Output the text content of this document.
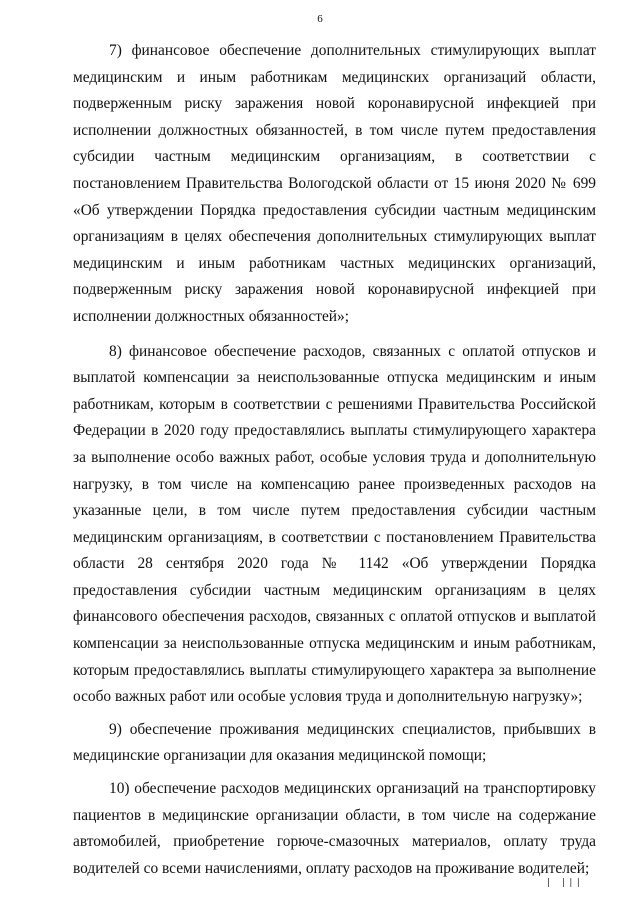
6

7) финансовое обеспечение дополнительных стимулирующих выплат медицинским и иным работникам медицинских организаций области, подверженным риску заражения новой коронавирусной инфекцией при исполнении должностных обязанностей, в том числе путем предоставления субсидии частным медицинским организациям, в соответствии с постановлением Правительства Вологодской области от 15 июня 2020 № 699 «Об утверждении Порядка предоставления субсидии частным медицинским организациям в целях обеспечения дополнительных стимулирующих выплат медицинским и иным работникам частных медицинских организаций, подверженным риску заражения новой коронавирусной инфекцией при исполнении должностных обязанностей»;

8) финансовое обеспечение расходов, связанных с оплатой отпусков и выплатой компенсации за неиспользованные отпуска медицинским и иным работникам, которым в соответствии с решениями Правительства Российской Федерации в 2020 году предоставлялись выплаты стимулирующего характера за выполнение особо важных работ, особые условия труда и дополнительную нагрузку, в том числе на компенсацию ранее произведенных расходов на указанные цели, в том числе путем предоставления субсидии частным медицинским организациям, в соответствии с постановлением Правительства области 28 сентября 2020 года № 1142 «Об утверждении Порядка предоставления субсидии частным медицинским организациям в целях финансового обеспечения расходов, связанных с оплатой отпусков и выплатой компенсации за неиспользованные отпуска медицинским и иным работникам, которым предоставлялись выплаты стимулирующего характера за выполнение особо важных работ или особые условия труда и дополнительную нагрузку»;

9) обеспечение проживания медицинских специалистов, прибывших в медицинские организации для оказания медицинской помощи;

10) обеспечение расходов медицинских организаций на транспортировку пациентов в медицинские организации области, в том числе на содержание автомобилей, приобретение горюче-смазочных материалов, оплату труда водителей со всеми начислениями, оплату расходов на проживание водителей;

| |||
